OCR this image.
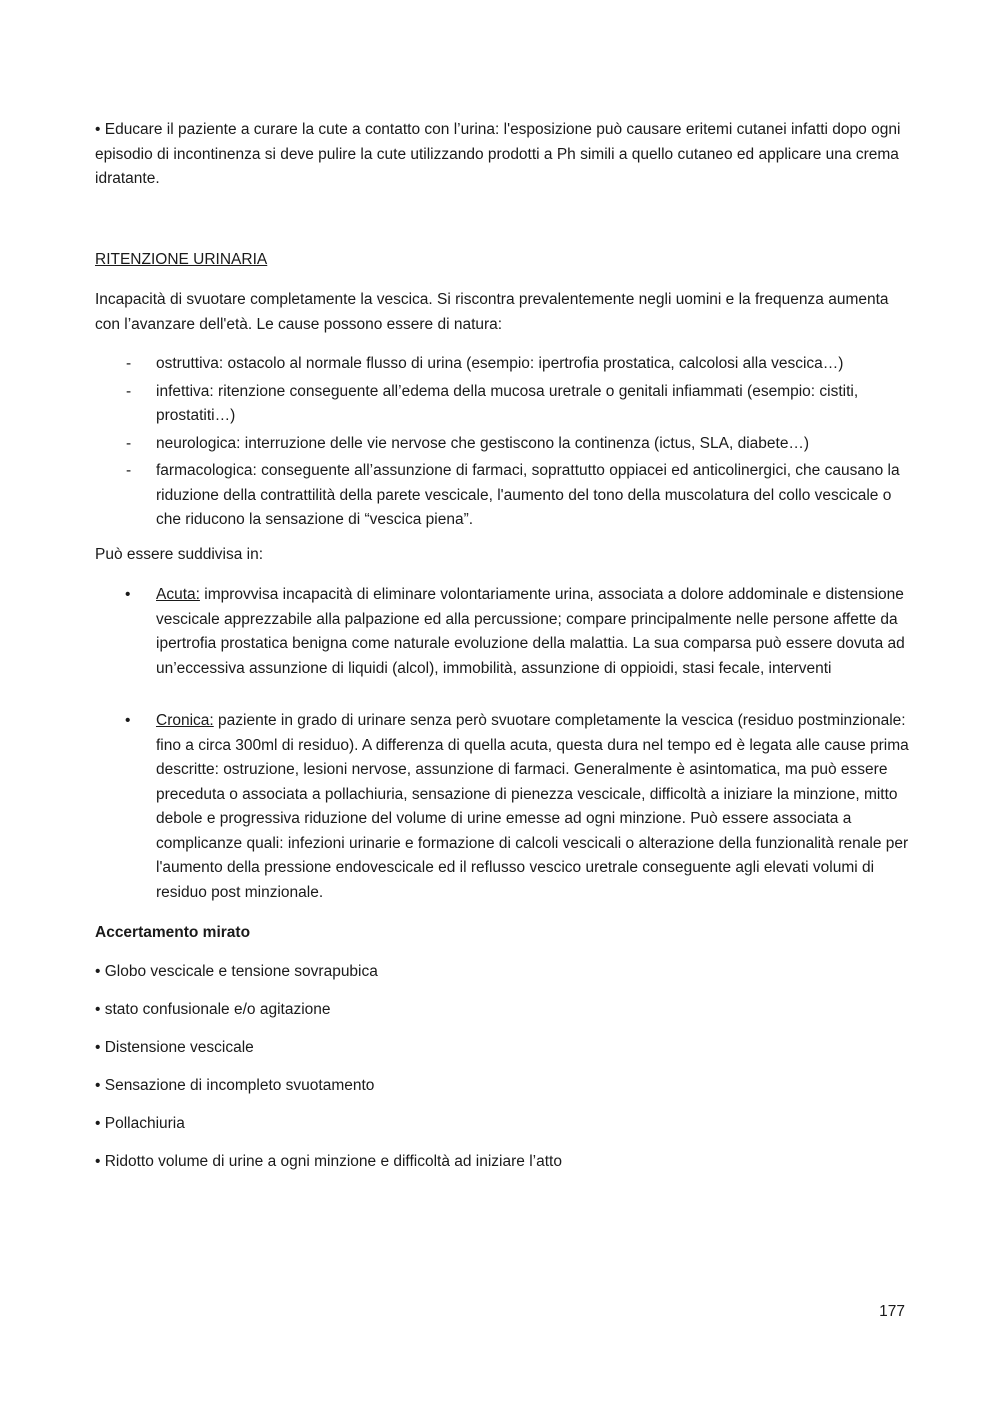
• Educare il paziente a curare la cute a contatto con l’urina: l'esposizione può causare eritemi cutanei infatti dopo ogni episodio di incontinenza si deve pulire la cute utilizzando prodotti a Ph simili a quello cutaneo ed applicare una crema idratante.

RITENZIONE URINARIA

Incapacità di svuotare completamente la vescica. Si riscontra prevalentemente negli uomini e la frequenza aumenta con l’avanzare dell'età. Le cause possono essere di natura:

- ostruttiva: ostacolo al normale flusso di urina (esempio: ipertrofia prostatica, calcolosi alla vescica…)
- infettiva: ritenzione conseguente all’edema della mucosa uretrale o genitali infiammati (esempio: cistiti, prostatiti…)
- neurologica: interruzione delle vie nervose che gestiscono la continenza (ictus, SLA, diabete…)
- farmacologica: conseguente all’assunzione di farmaci, soprattutto oppiacei ed anticolinergici, che causano la riduzione della contrattilità della parete vescicale, l'aumento del tono della muscolatura del collo vescicale o che riducono la sensazione di “vescica piena”.

Può essere suddivisa in:

• Acuta: improvvisa incapacità di eliminare volontariamente urina, associata a dolore addominale e distensione vescicale apprezzabile alla palpazione ed alla percussione; compare principalmente nelle persone affette da ipertrofia prostatica benigna come naturale evoluzione della malattia. La sua comparsa può essere dovuta ad un’eccessiva assunzione di liquidi (alcol), immobilità, assunzione di oppioidi, stasi fecale, interventi
• Cronica: paziente in grado di urinare senza però svuotare completamente la vescica (residuo postminzionale: fino a circa 300ml di residuo). A differenza di quella acuta, questa dura nel tempo ed è legata alle cause prima descritte: ostruzione, lesioni nervose, assunzione di farmaci. Generalmente è asintomatica, ma può essere preceduta o associata a pollachiuria, sensazione di pienezza vescicale, difficoltà a iniziare la minzione, mitto debole e progressiva riduzione del volume di urine emesse ad ogni minzione. Può essere associata a complicanze quali: infezioni urinarie e formazione di calcoli vescicali o alterazione della funzionalità renale per l'aumento della pressione endovescicale ed il reflusso vescico uretrale conseguente agli elevati volumi di residuo post minzionale.

Accertamento mirato

• Globo vescicale e tensione sovrapubica
• stato confusionale e/o agitazione
• Distensione vescicale
• Sensazione di incompleto svuotamento
• Pollachiuria
• Ridotto volume di urine a ogni minzione e difficoltà ad iniziare l’atto
177
